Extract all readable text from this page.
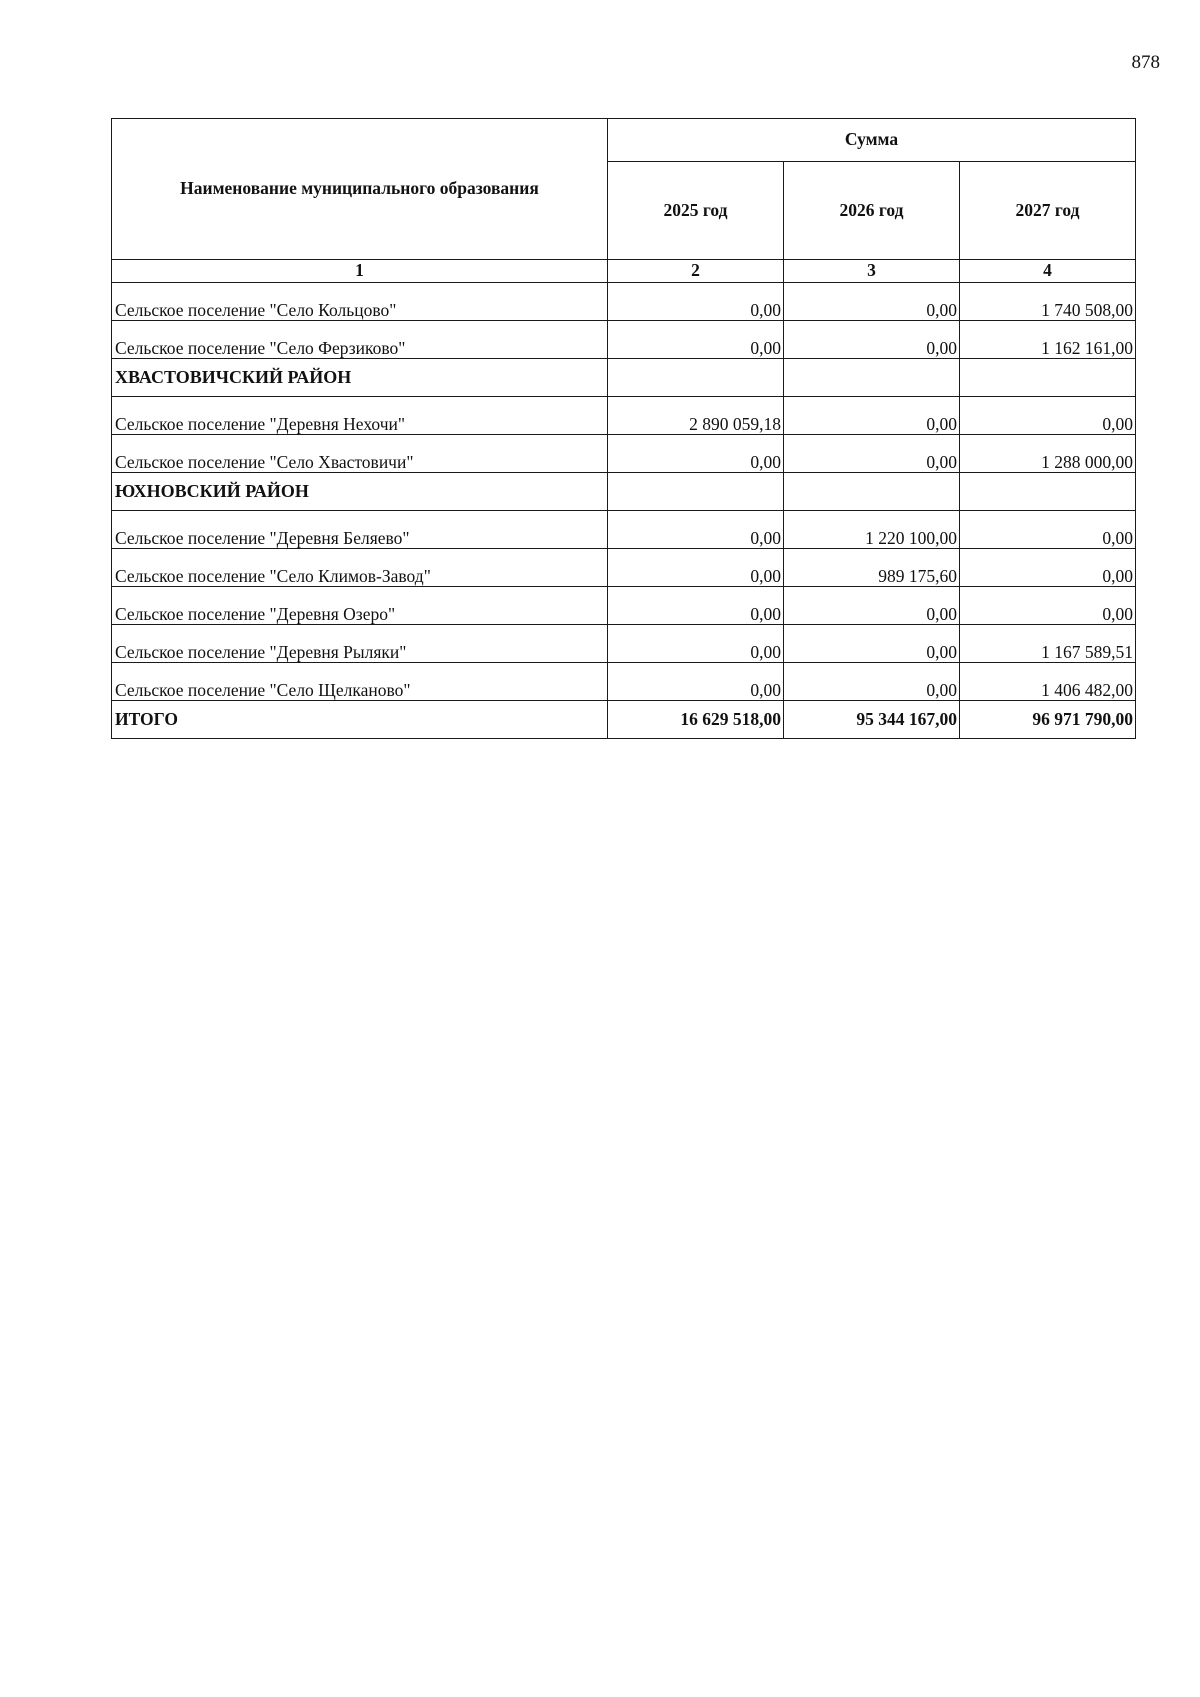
878
Наименование муниципального образования	Сумма		
	2025 год	2026 год	2027 год
1	2	3	4
Сельское поселение "Село Кольцово"	0,00	0,00	1 740 508,00
Сельское поселение "Село Ферзиково"	0,00	0,00	1 162 161,00
ХВАСТОВИЧСКИЙ РАЙОН			
Сельское поселение "Деревня Нехочи"	2 890 059,18	0,00	0,00
Сельское поселение "Село Хвастовичи"	0,00	0,00	1 288 000,00
ЮХНОВСКИЙ РАЙОН			
Сельское поселение "Деревня Беляево"	0,00	1 220 100,00	0,00
Сельское поселение "Село Климов-Завод"	0,00	989 175,60	0,00
Сельское поселение "Деревня Озеро"	0,00	0,00	0,00
Сельское поселение "Деревня Рыляки"	0,00	0,00	1 167 589,51
Сельское поселение "Село Щелканово"	0,00	0,00	1 406 482,00
ИТОГО	16 629 518,00	95 344 167,00	96 971 790,00
